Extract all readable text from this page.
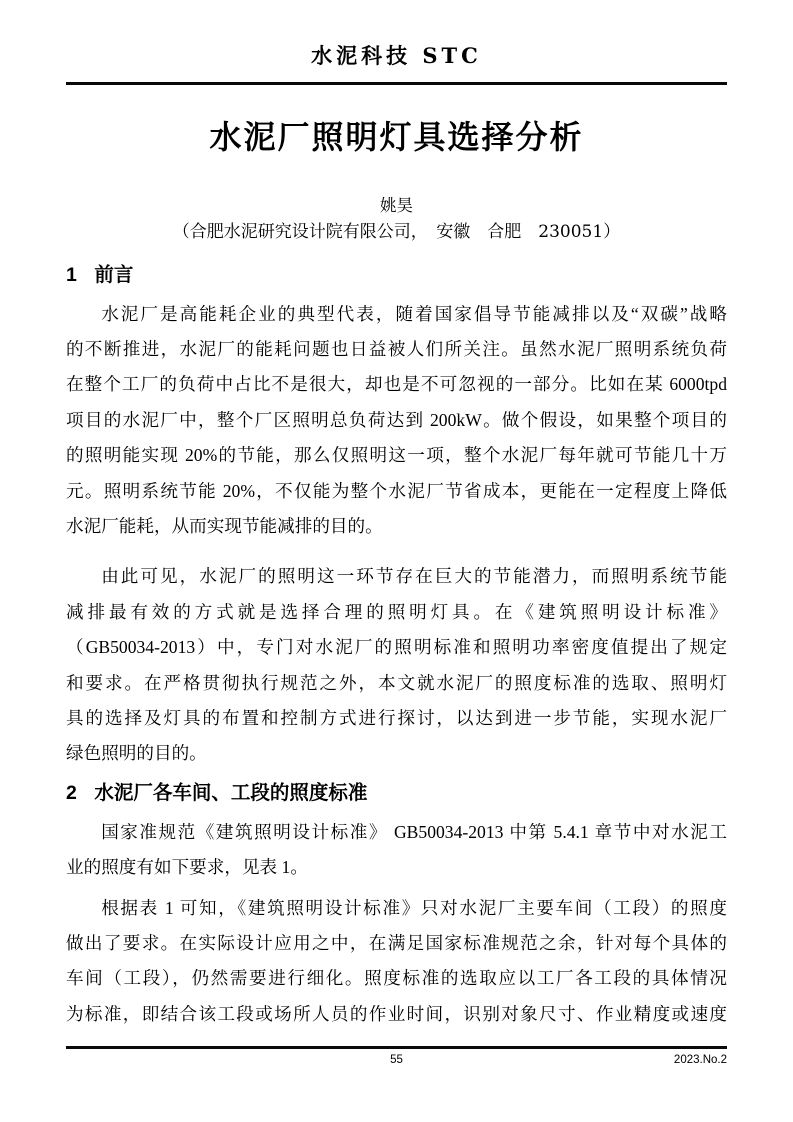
水泥科技 STC
水泥厂照明灯具选择分析
姚昊
（合肥水泥研究设计院有限公司，　安徽　合肥　230051）
1 前言
水泥厂是高能耗企业的典型代表，随着国家倡导节能减排以及“双碳”战略
的不断推进，水泥厂的能耗问题也日益被人们所关注。虽然水泥厂照明系统负荷
在整个工厂的负荷中占比不是很大，却也是不可忽视的一部分。比如在某 6000tpd
项目的水泥厂中，整个厂区照明总负荷达到 200kW。做个假设，如果整个项目的
的照明能实现 20%的节能，那么仅照明这一项，整个水泥厂每年就可节能几十万
元。照明系统节能 20%，不仅能为整个水泥厂节省成本，更能在一定程度上降低
水泥厂能耗，从而实现节能减排的目的。
由此可见，水泥厂的照明这一环节存在巨大的节能潜力，而照明系统节能
减排最有效的方式就是选择合理的照明灯具。在《建筑照明设计标准》
（GB50034-2013）中，专门对水泥厂的照明标准和照明功率密度值提出了规定
和要求。在严格贯彻执行规范之外，本文就水泥厂的照度标准的选取、照明灯
具的选择及灯具的布置和控制方式进行探讨，以达到进一步节能，实现水泥厂
绿色照明的目的。
2 水泥厂各车间、工段的照度标准
国家准规范《建筑照明设计标准》 GB50034-2013 中第 5.4.1 章节中对水泥工
业的照度有如下要求，见表 1。
根据表 1 可知，《建筑照明设计标准》只对水泥厂主要车间（工段）的照度
做出了要求。在实际设计应用之中，在满足国家标准规范之余，针对每个具体的
车间（工段），仍然需要进行细化。照度标准的选取应以工厂各工段的具体情况
为标准，即结合该工段或场所人员的作业时间，识别对象尺寸、作业精度或速度
55	2023.No.2
